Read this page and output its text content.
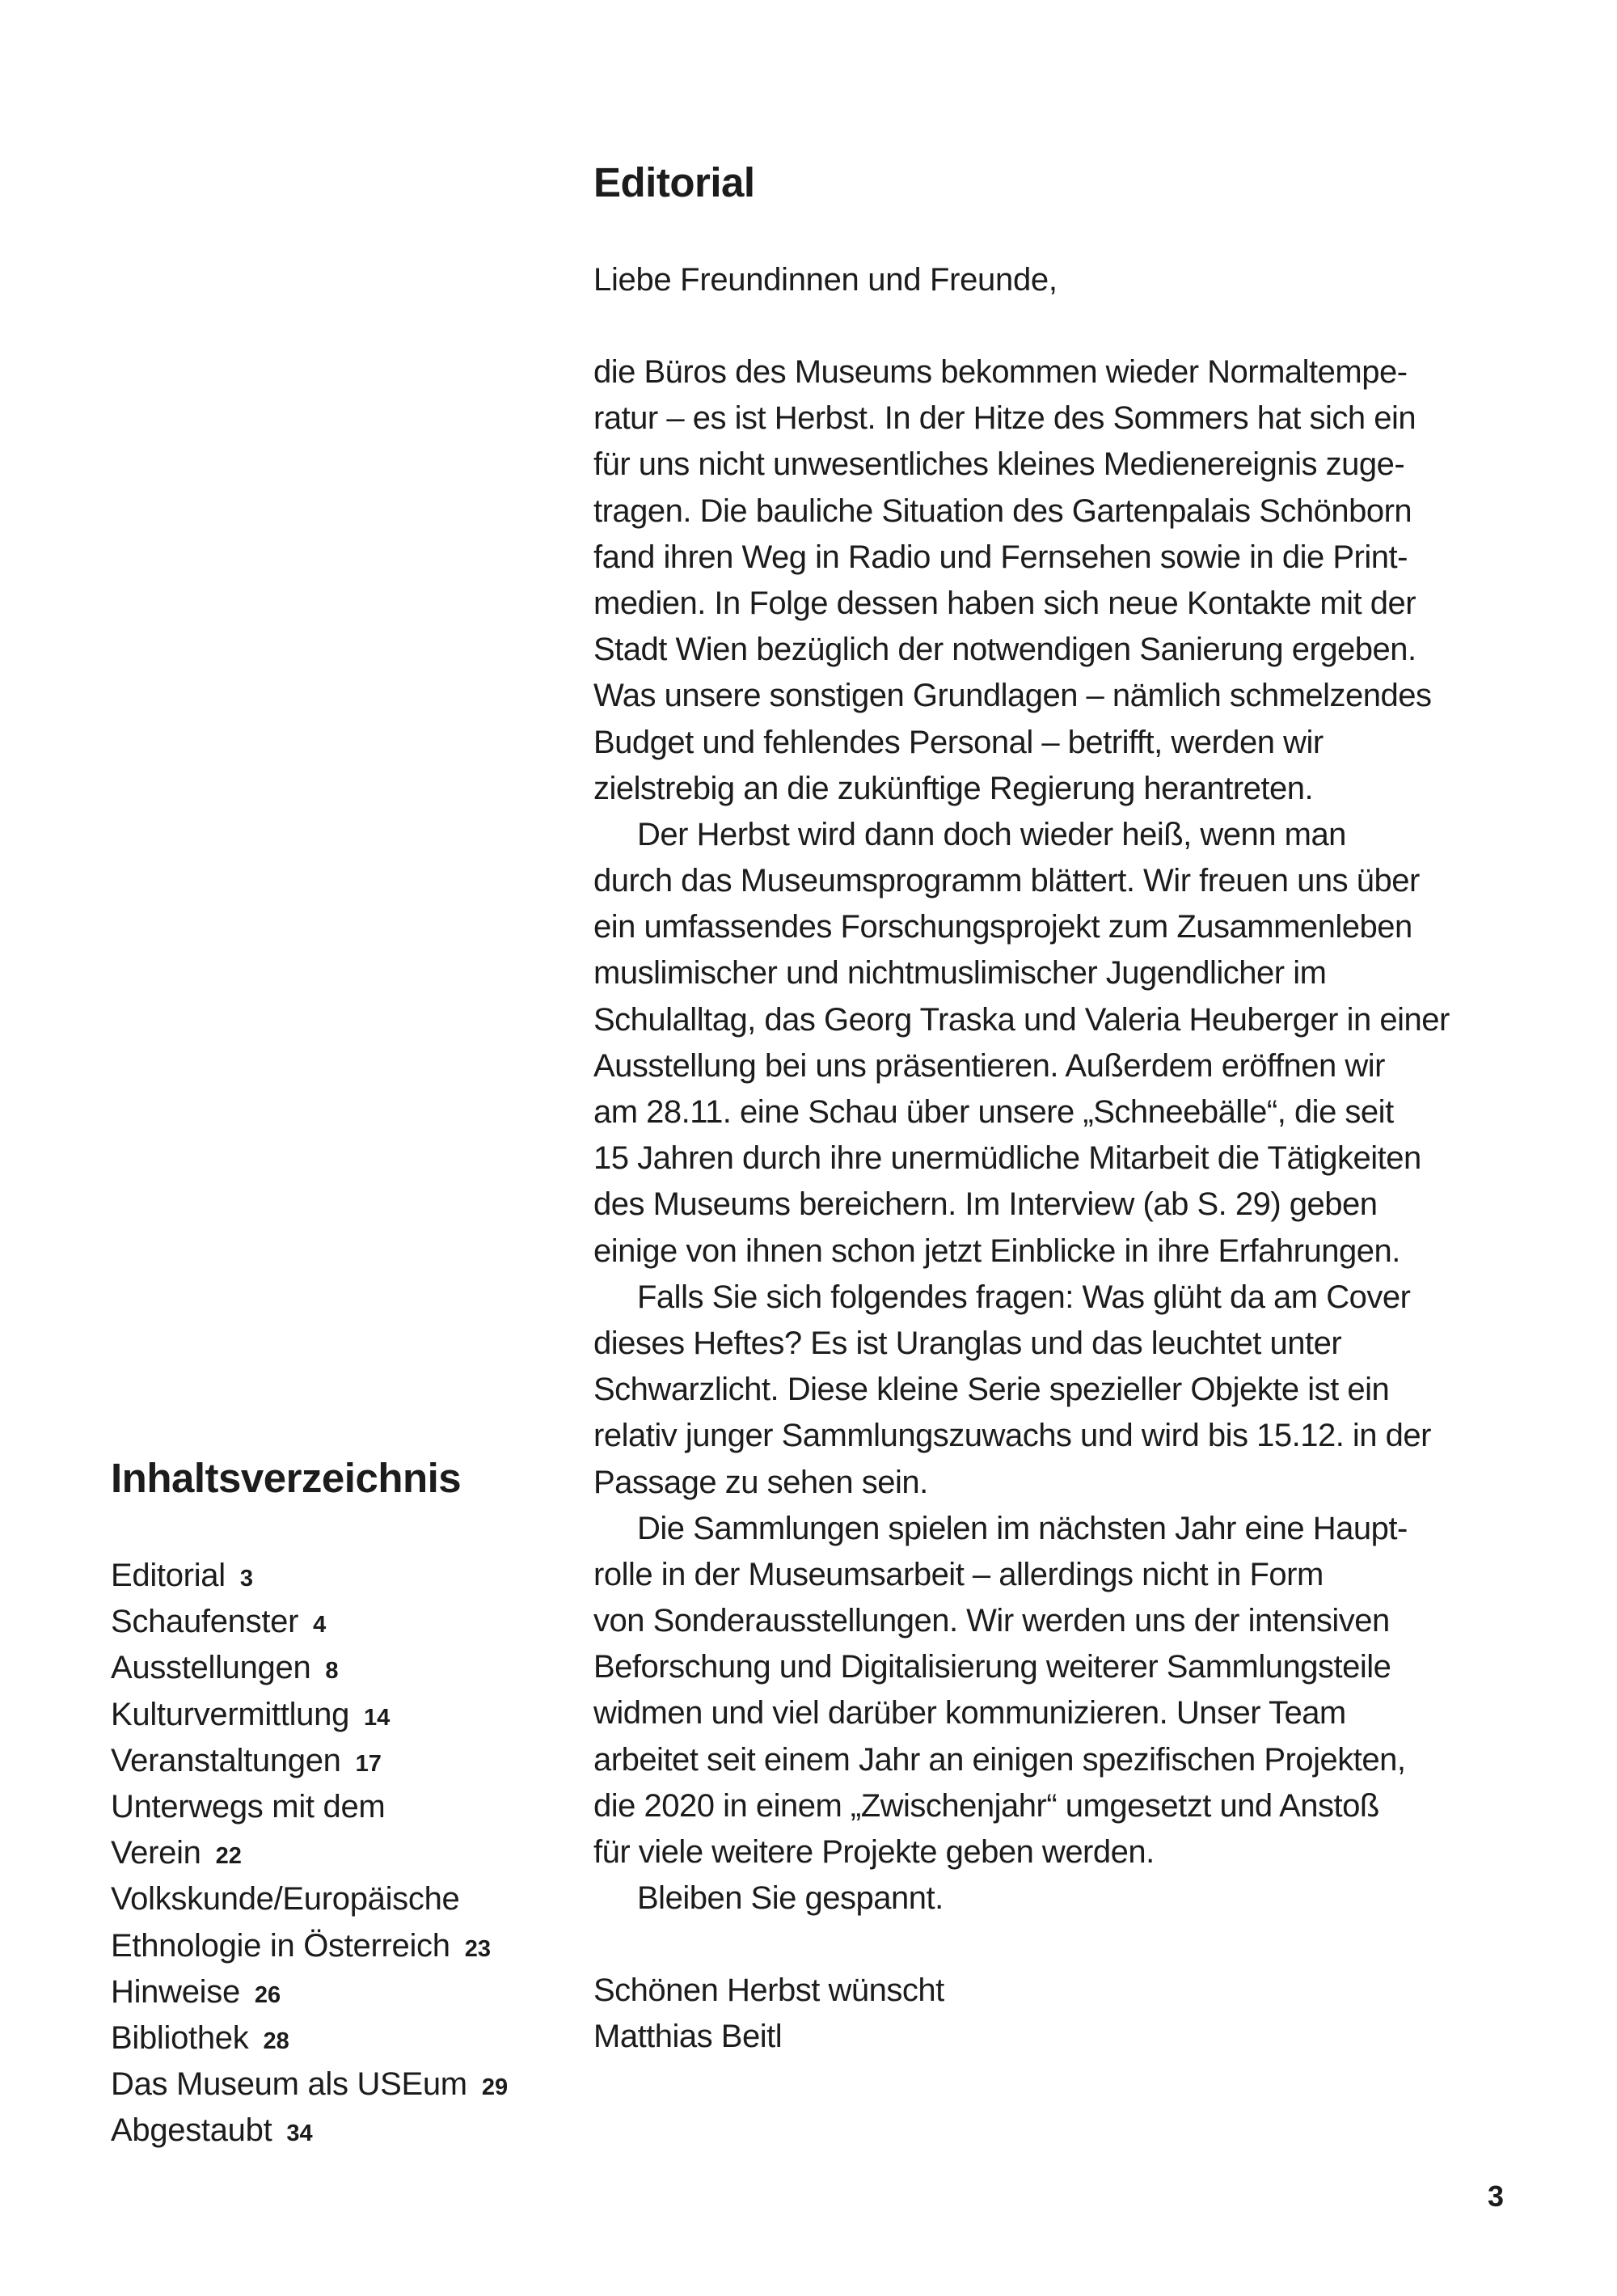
Editorial

Liebe Freundinnen und Freunde,

die Büros des Museums bekommen wieder Normaltempe-
ratur – es ist Herbst. In der Hitze des Sommers hat sich ein
für uns nicht unwesentliches kleines Medienereignis zuge-
tragen. Die bauliche Situation des Gartenpalais Schönborn
fand ihren Weg in Radio und Fernsehen sowie in die Print-
medien. In Folge dessen haben sich neue Kontakte mit der
Stadt Wien bezüglich der notwendigen Sanierung ergeben.
Was unsere sonstigen Grundlagen – nämlich schmelzendes
Budget und fehlendes Personal – betrifft, werden wir
zielstrebig an die zukünftige Regierung herantreten.
Der Herbst wird dann doch wieder heiß, wenn man
durch das Museumsprogramm blättert. Wir freuen uns über
ein umfassendes Forschungsprojekt zum Zusammenleben
muslimischer und nichtmuslimischer Jugendlicher im
Schulalltag, das Georg Traska und Valeria Heuberger in einer
Ausstellung bei uns präsentieren. Außerdem eröffnen wir
am 28.11. eine Schau über unsere „Schneebälle“, die seit
15 Jahren durch ihre unermüdliche Mitarbeit die Tätigkeiten
des Museums bereichern. Im Interview (ab S. 29) geben
einige von ihnen schon jetzt Einblicke in ihre Erfahrungen.
Falls Sie sich folgendes fragen: Was glüht da am Cover
dieses Heftes? Es ist Uranglas und das leuchtet unter
Schwarzlicht. Diese kleine Serie spezieller Objekte ist ein
relativ junger Sammlungszuwachs und wird bis 15.12. in der
Passage zu sehen sein.
Die Sammlungen spielen im nächsten Jahr eine Haupt-
rolle in der Museumsarbeit – allerdings nicht in Form
von Sonderausstellungen. Wir werden uns der intensiven
Beforschung und Digitalisierung weiterer Sammlungsteile
widmen und viel darüber kommunizieren. Unser Team
arbeitet seit einem Jahr an einigen spezifischen Projekten,
die 2020 in einem „Zwischenjahr“ umgesetzt und Anstoß
für viele weitere Projekte geben werden.
Bleiben Sie gespannt.
Schönen Herbst wünscht
Matthias Beitl
Inhaltsverzeichnis
Editorial 3
Schaufenster 4
Ausstellungen 8
Kulturvermittlung 14
Veranstaltungen 17
Unterwegs mit dem
Verein 22
Volkskunde/Europäische
Ethnologie in Österreich 23
Hinweise 26
Bibliothek 28
Das Museum als USEum 29
Abgestaubt 34
3
